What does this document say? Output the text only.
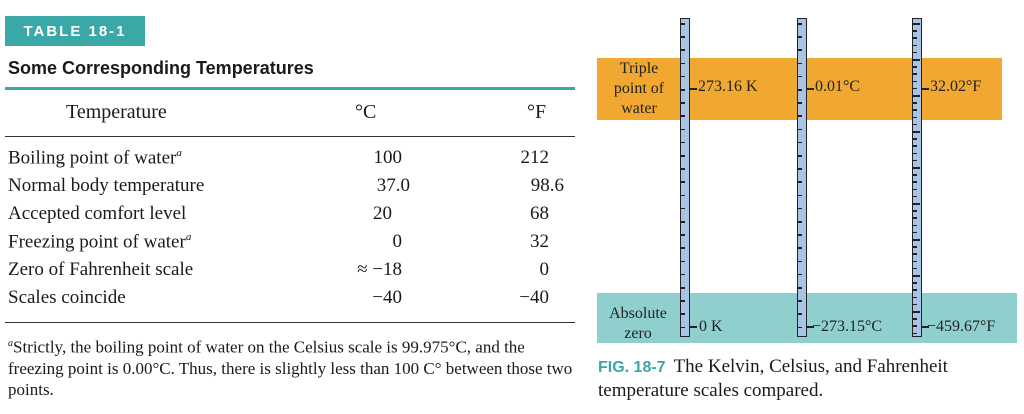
TABLE 18-1
Some Corresponding Temperatures
Temperature	°C	°F
Boiling point of water$^a$	100	212
Normal body temperature	37.0	98.6
Accepted comfort level	20	68
Freezing point of water$^a$	0	32
Zero of Fahrenheit scale	≈ −18	0
Scales coincide	−40	−40
$^a$Strictly, the boiling point of water on the Celsius scale is 99.975°C, and the freezing point is 0.00°C. Thus, there is slightly less than 100 C° between those two points.
Triple
point of
water
Absolute
zero
273.16 K	0.01°C	32.02°F
0 K	−273.15°C	−459.67°F
FIG. 18-7 The Kelvin, Celsius, and Fahrenheit temperature scales compared.
